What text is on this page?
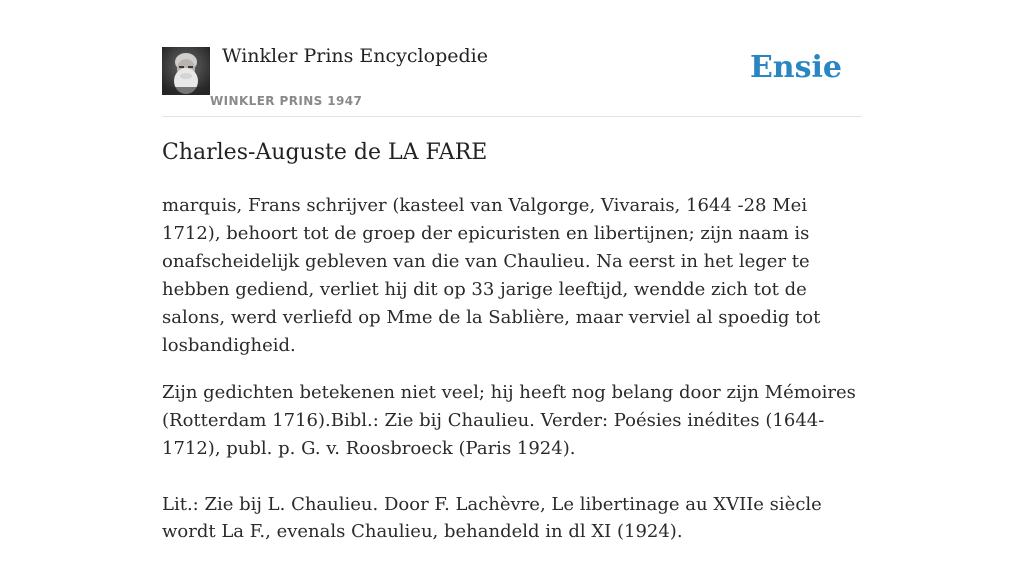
Winkler Prins Encyclopedie
WINKLER PRINS 1947
Ensie
Charles-Auguste de LA FARE

marquis, Frans schrijver (kasteel van Valgorge, Vivarais, 1644 -28 Mei 1712), behoort tot de groep der epicuristen en libertijnen; zijn naam is onafscheidelijk gebleven van die van Chaulieu. Na eerst in het leger te hebben gediend, verliet hij dit op 33 jarige leeftijd, wendde zich tot de salons, werd verliefd op Mme de la Sablière, maar verviel al spoedig tot losbandigheid.

Zijn gedichten betekenen niet veel; hij heeft nog belang door zijn Mémoires (Rotterdam 1716).Bibl.: Zie bij Chaulieu. Verder: Poésies inédites (1644-1712), publ. p. G. v. Roosbroeck (Paris 1924).

Lit.: Zie bij L. Chaulieu. Door F. Lachèvre, Le libertinage au XVIIe siècle wordt La F., evenals Chaulieu, behandeld in dl XI (1924).
